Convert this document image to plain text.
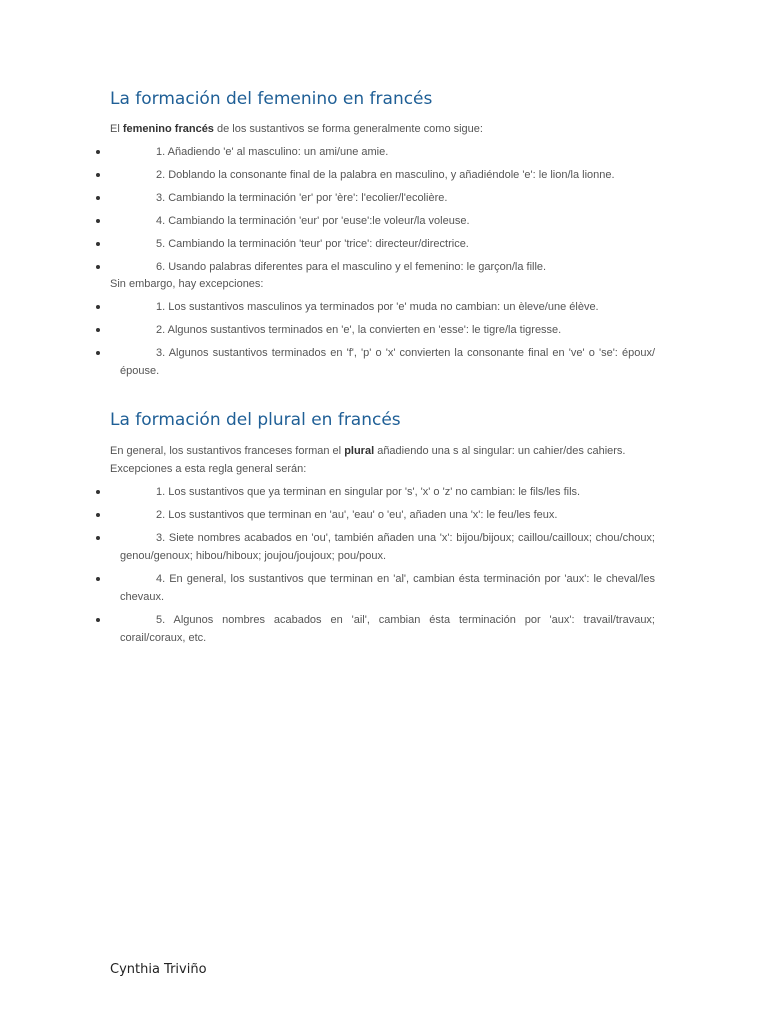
La formación del femenino en francés

El femenino francés de los sustantivos se forma generalmente como sigue:

1. Añadiendo 'e' al masculino: un ami/une amie.
2. Doblando la consonante final de la palabra en masculino, y añadiéndole 'e': le lion/la lionne.
3. Cambiando la terminación 'er' por 'ère': l'ecolier/l'ecolière.
4. Cambiando la terminación 'eur' por 'euse':le voleur/la voleuse.
5. Cambiando la terminación 'teur' por 'trice': directeur/directrice.
6. Usando palabras diferentes para el masculino y el femenino: le garçon/la fille.

Sin embargo, hay excepciones:

1. Los sustantivos masculinos ya terminados por 'e' muda no cambian: un èleve/une élève.
2. Algunos sustantivos terminados en 'e', la convierten en 'esse': le tigre/la tigresse.
3. Algunos sustantivos terminados en 'f', 'p' o 'x' convierten la consonante final en 've' o 'se': époux/épouse.
La formación del plural en francés

En general, los sustantivos franceses forman el plural añadiendo una s al singular: un cahier/des cahiers.

Excepciones a esta regla general serán:

1. Los sustantivos que ya terminan en singular por 's', 'x' o 'z' no cambian: le fils/les fils.
2. Los sustantivos que terminan en 'au', 'eau' o 'eu', añaden una 'x': le feu/les feux.
3. Siete nombres acabados en 'ou', también añaden una 'x': bijou/bijoux; caillou/cailloux; chou/choux; genou/genoux; hibou/hiboux; joujou/joujoux; pou/poux.
4. En general, los sustantivos que terminan en 'al', cambian ésta terminación por 'aux': le cheval/les chevaux.
5. Algunos nombres acabados en 'ail', cambian ésta terminación por 'aux': travail/travaux; corail/coraux, etc.
Cynthia Triviño
